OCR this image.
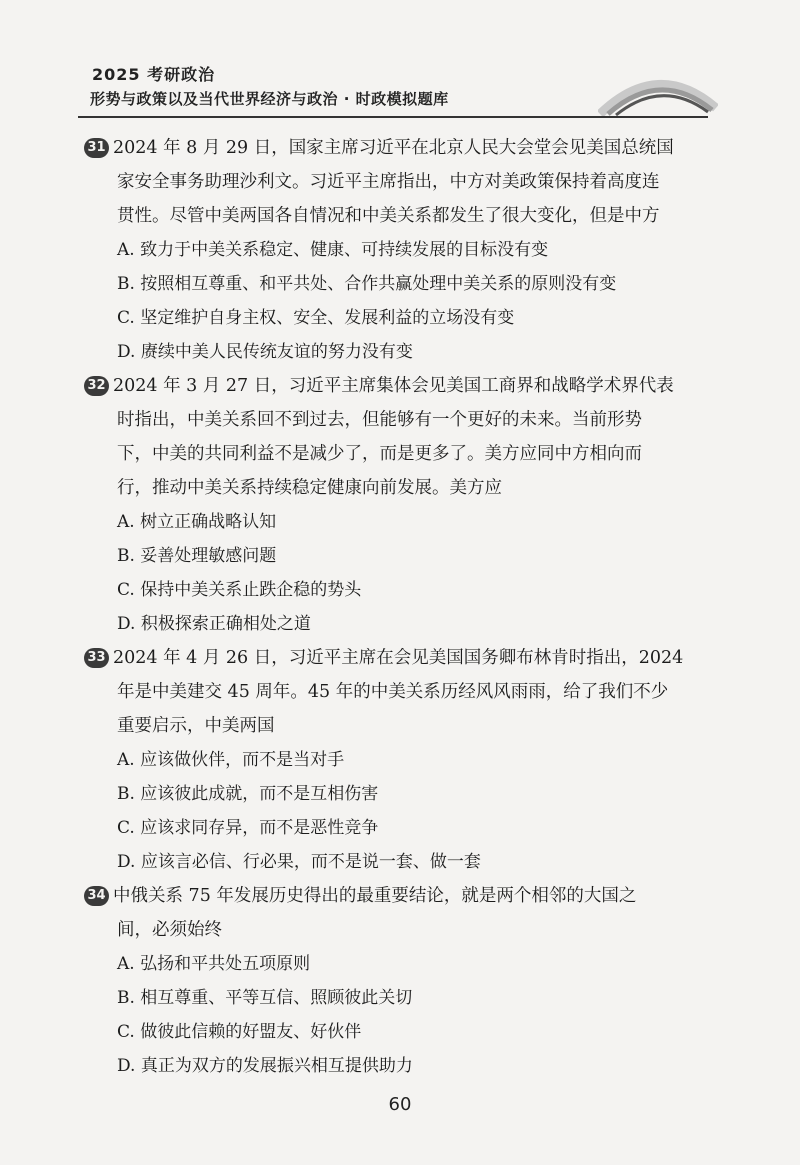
2025 考研政治
形势与政策以及当代世界经济与政治 · 时政模拟题库

31 2024 年 8 月 29 日，国家主席习近平在北京人民大会堂会见美国总统国

家安全事务助理沙利文。习近平主席指出，中方对美政策保持着高度连

贯性。尽管中美两国各自情况和中美关系都发生了很大变化，但是中方

A. 致力于中美关系稳定、健康、可持续发展的目标没有变

B. 按照相互尊重、和平共处、合作共赢处理中美关系的原则没有变

C. 坚定维护自身主权、安全、发展利益的立场没有变

D. 赓续中美人民传统友谊的努力没有变

32 2024 年 3 月 27 日，习近平主席集体会见美国工商界和战略学术界代表

时指出，中美关系回不到过去，但能够有一个更好的未来。当前形势

下，中美的共同利益不是减少了，而是更多了。美方应同中方相向而

行，推动中美关系持续稳定健康向前发展。美方应

A. 树立正确战略认知

B. 妥善处理敏感问题

C. 保持中美关系止跌企稳的势头

D. 积极探索正确相处之道

33 2024 年 4 月 26 日，习近平主席在会见美国国务卿布林肯时指出，2024

年是中美建交 45 周年。45 年的中美关系历经风风雨雨，给了我们不少

重要启示，中美两国

A. 应该做伙伴，而不是当对手

B. 应该彼此成就，而不是互相伤害

C. 应该求同存异，而不是恶性竞争

D. 应该言必信、行必果，而不是说一套、做一套

34 中俄关系 75 年发展历史得出的最重要结论，就是两个相邻的大国之

间，必须始终

A. 弘扬和平共处五项原则

B. 相互尊重、平等互信、照顾彼此关切

C. 做彼此信赖的好盟友、好伙伴

D. 真正为双方的发展振兴相互提供助力

60
